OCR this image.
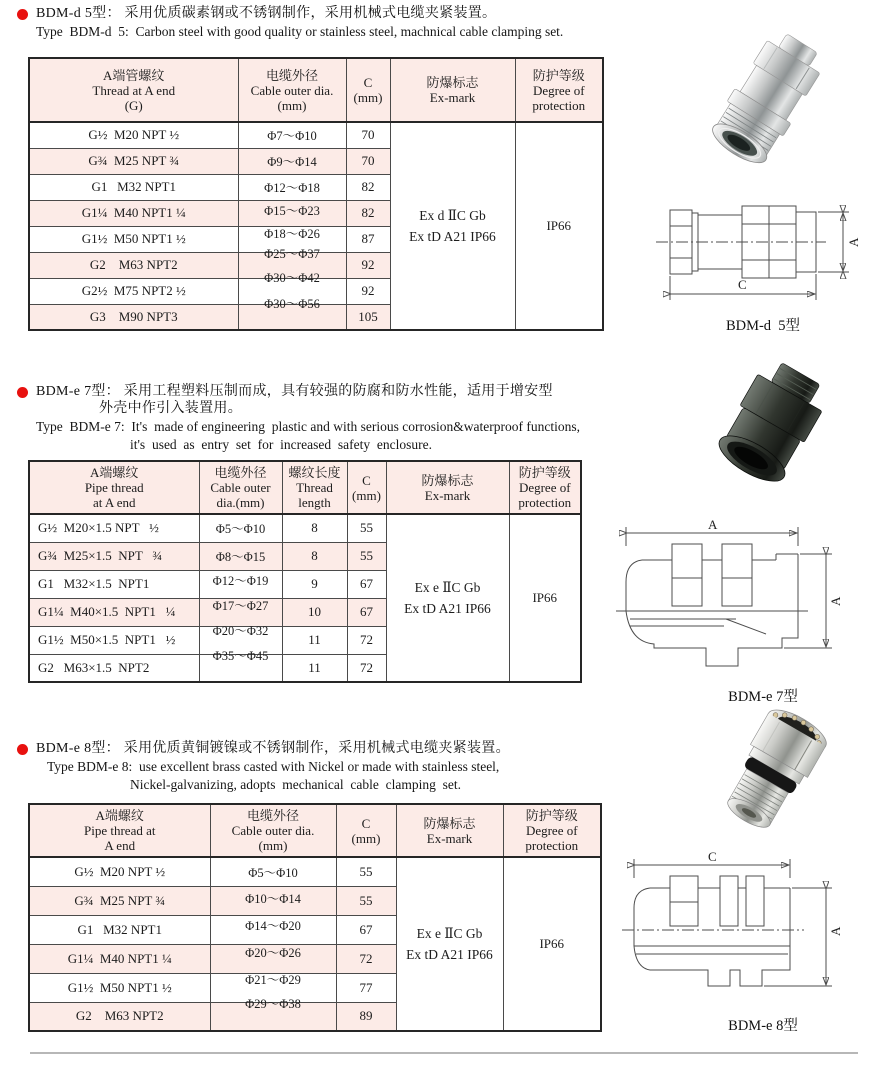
BDM-d 5型： 采用优质碳素钢或不锈钢制作，采用机械式电缆夹紧装置。
Type  BDM-d  5:  Carbon steel with good quality or stainless steel, machnical cable clamping set.
A端管螺纹
Thread at A end
(G)

电缆外径
Cable outer dia.
(mm)

C
(mm)

防爆标志
Ex-mark

防护等级
Degree of
protection

G½  M20 NPT ½	Φ7～Φ10	70	Ex d ⅡC Gb
Ex tD A21 IP66	IP66
G¾  M25 NPT ¾	Φ9～Φ14	70		
G1   M32 NPT1	Φ12～Φ18	82		
G1¼  M40 NPT1 ¼	Φ15～Φ23	82		
G1½  M50 NPT1 ½	Φ18～Φ26	87		
G2    M63 NPT2	Φ25～Φ37	92		
G2½  M75 NPT2 ½	Φ30～Φ42	92		
G3    M90 NPT3	Φ30～Φ56	105		
A
C
BDM-d  5型
BDM-e 7型： 采用工程塑料压制而成，具有较强的防腐和防水性能，适用于增安型
外壳中作引入装置用。
Type  BDM-e 7:  It's  made of engineering  plastic and with serious corrosion&waterproof functions,
it's  used  as  entry  set  for  increased  safety  enclosure.
A端螺纹
Pipe thread
at A end

电缆外径
Cable outer
dia.(mm)

螺纹长度
Thread
length

C
(mm)

防爆标志
Ex-mark

防护等级
Degree of
protection

G½  M20×1.5 NPT   ½	Φ5～Φ10	8	55	Ex e ⅡC Gb
Ex tD A21 IP66	IP66
G¾  M25×1.5  NPT   ¾	Φ8～Φ15	8	55		
G1   M32×1.5  NPT1	Φ12～Φ19	9	67		
G1¼  M40×1.5  NPT1   ¼	Φ17～Φ27	10	67		
G1½  M50×1.5  NPT1   ½	Φ20～Φ32	11	72		
G2   M63×1.5  NPT2	Φ35～Φ45	11	72		
A
A
BDM-e 7型
BDM-e 8型： 采用优质黄铜镀镍或不锈钢制作，采用机械式电缆夹紧装置。
Type BDM-e 8:  use excellent brass casted with Nickel or made with stainless steel,
Nickel-galvanizing, adopts  mechanical  cable  clamping  set.
A端螺纹
Pipe thread at
A end

电缆外径
Cable outer dia.
(mm)

C
(mm)

防爆标志
Ex-mark

防护等级
Degree of
protection

G½  M20 NPT ½	Φ5～Φ10	55	Ex e ⅡC Gb
Ex tD A21 IP66	IP66
G¾  M25 NPT ¾	Φ10～Φ14	55		
G1   M32 NPT1	Φ14～Φ20	67		
G1¼  M40 NPT1 ¼	Φ20～Φ26	72		
G1½  M50 NPT1 ½	Φ21～Φ29	77		
G2    M63 NPT2	Φ29～Φ38	89		
C
A
BDM-e 8型
